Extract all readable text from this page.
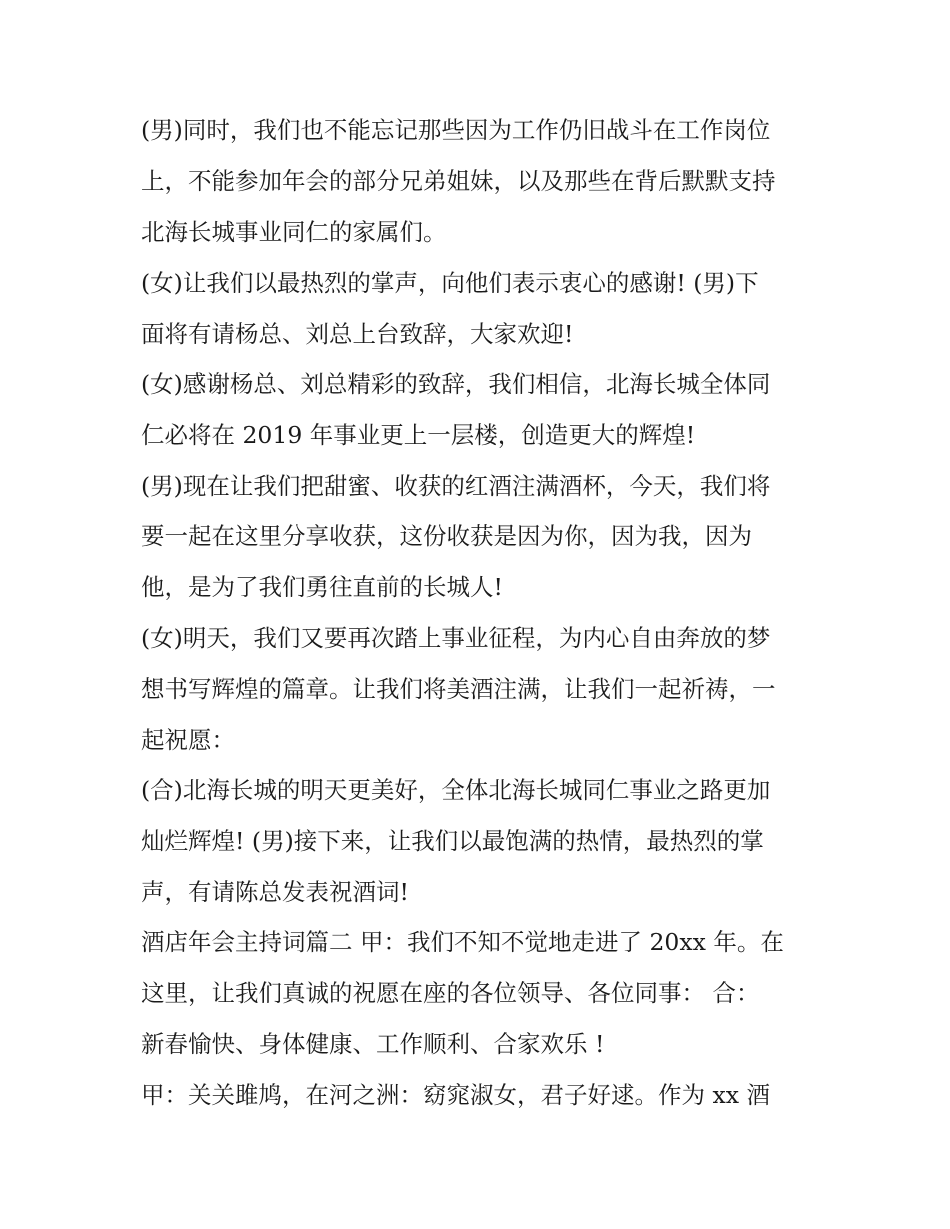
(男)同时，我们也不能忘记那些因为工作仍旧战斗在工作岗位
上，不能参加年会的部分兄弟姐妹，以及那些在背后默默支持
北海长城事业同仁的家属们。
(女)让我们以最热烈的掌声，向他们表示衷心的感谢! (男)下
面将有请杨总、刘总上台致辞，大家欢迎!
(女)感谢杨总、刘总精彩的致辞，我们相信，北海长城全体同
仁必将在 2019 年事业更上一层楼，创造更大的辉煌!
(男)现在让我们把甜蜜、收获的红酒注满酒杯，今天，我们将
要一起在这里分享收获，这份收获是因为你，因为我，因为
他，是为了我们勇往直前的长城人!
(女)明天，我们又要再次踏上事业征程，为内心自由奔放的梦
想书写辉煌的篇章。让我们将美酒注满，让我们一起祈祷，一
起祝愿：
(合)北海长城的明天更美好，全体北海长城同仁事业之路更加
灿烂辉煌! (男)接下来，让我们以最饱满的热情，最热烈的掌
声，有请陈总发表祝酒词!
酒店年会主持词篇二 甲：我们不知不觉地走进了 20xx 年。在
这里，让我们真诚的祝愿在座的各位领导、各位同事： 合：
新春愉快、身体健康、工作顺利、合家欢乐 !
甲：关关雎鸠，在河之洲：窈窕淑女，君子好逑。作为 xx 酒
